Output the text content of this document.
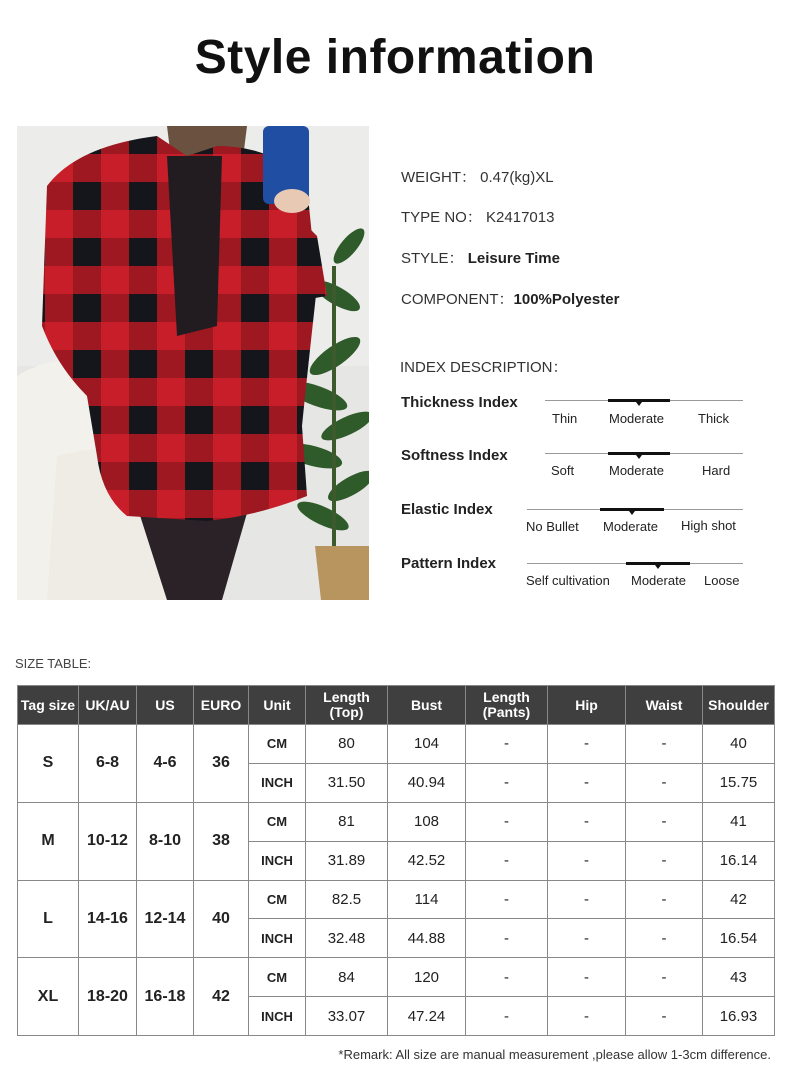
Style information
WEIGHT： 0.47(kg)XL
TYPE NO： K2417013
STYLE： Leisure Time
COMPONENT：100%Polyester
INDEX DESCRIPTION：
Thickness Index
Thin Moderate	Thick
Softness Index
Soft	Moderate	Hard
Elastic Index
No Bullet Moderate High shot
Pattern Index
Self cultivation Moderate Loose
SIZE TABLE:
Tag size	UK/AU	US	EURO	Unit	Length
(Top)	Bust	Length
(Pants)	Hip	Waist	Shoulder
S	6-8	4-6	36	CM	80	104	-	-	-	40
				INCH	31.50	40.94	-	-	-	15.75
M	10-12	8-10	38	CM	81	108	-	-	-	41
				INCH	31.89	42.52	-	-	-	16.14
L	14-16	12-14	40	CM	82.5	114	-	-	-	42
				INCH	32.48	44.88	-	-	-	16.54
XL	18-20	16-18	42	CM	84	120	-	-	-	43
				INCH	33.07	47.24	-	-	-	16.93
*Remark: All size are manual measurement ,please allow 1-3cm difference.
